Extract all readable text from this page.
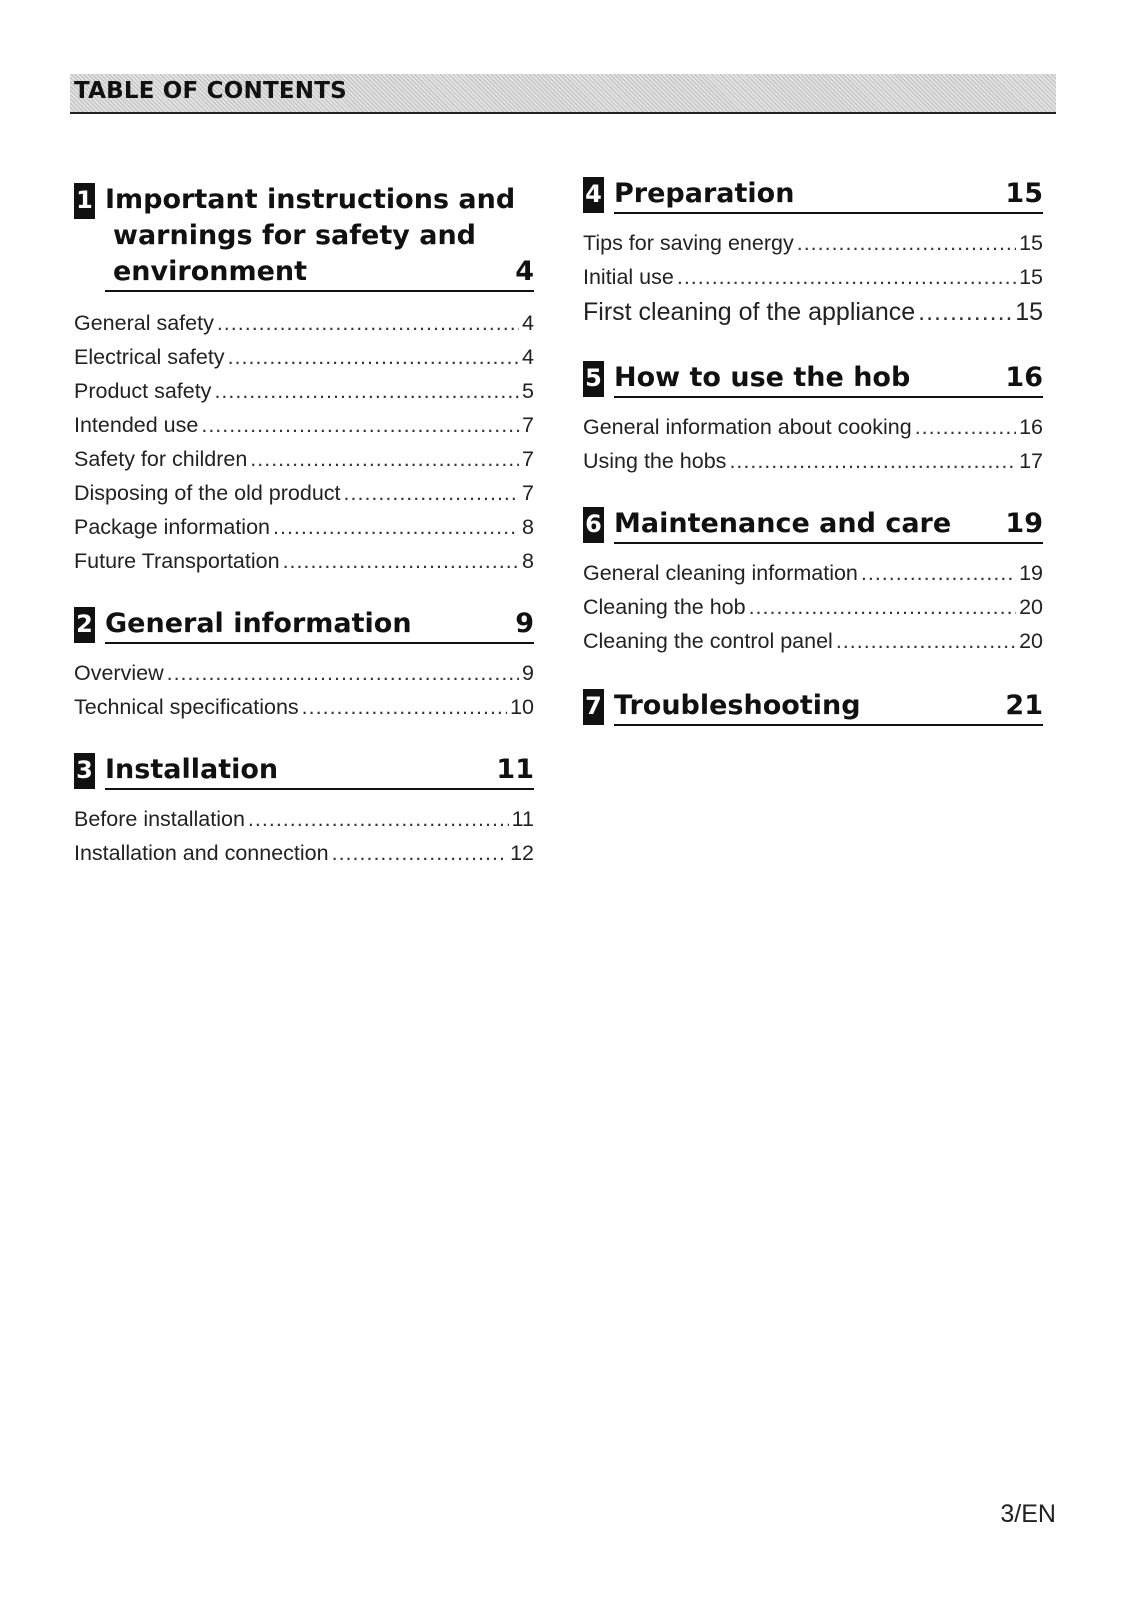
TABLE OF CONTENTS
1 Important instructions and
warnings for safety and
environment	4
General safety .....	4
Electrical safety .....	4
Product safety .....	5
Intended use .....	7
Safety for children .....	7
Disposing of the old product .....	7
Package information .....	8
Future Transportation .....	8
2 General information	9
Overview .....	9
Technical specifications .....	10
3 Installation	11
Before installation .....	11
Installation and connection .....	12
4 Preparation	15
Tips for saving energy .....	15
Initial use .....	15
First cleaning of the appliance .....	15
5 How to use the hob	16
General information about cooking .....	16
Using the hobs .....	17
6 Maintenance and care 19
General cleaning information .....	19
Cleaning the hob .....	20
Cleaning the control panel .....	20
7 Troubleshooting	21
3/EN
